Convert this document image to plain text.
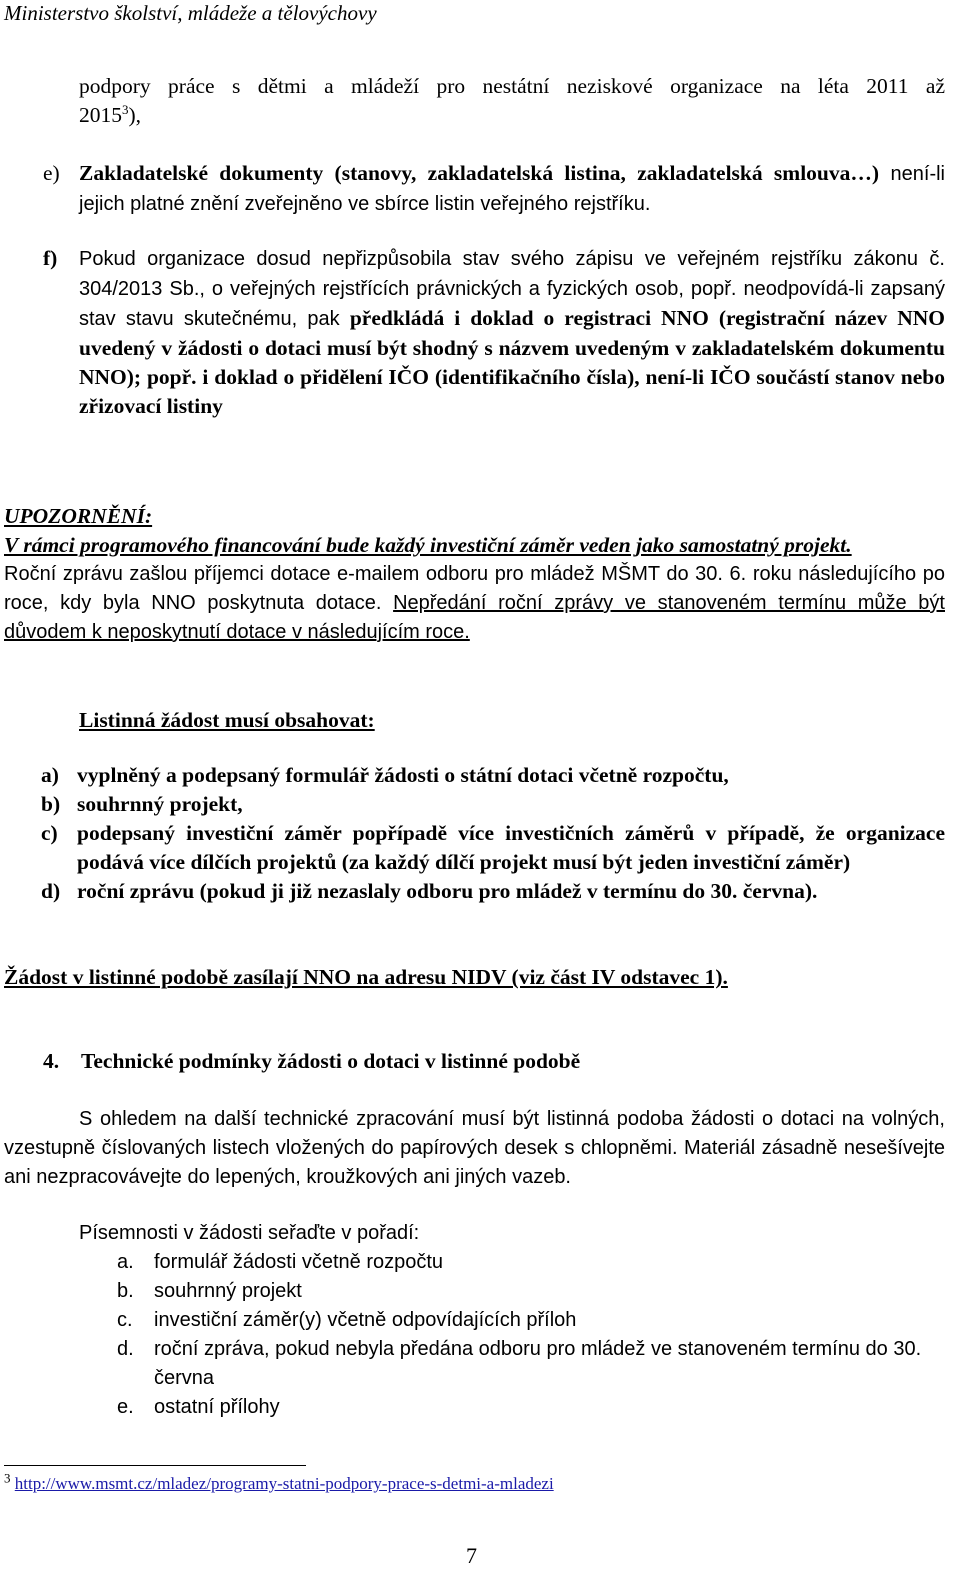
Ministerstvo školství, mládeže a tělovýchovy
podpory práce s dětmi a mládeží pro nestátní neziskové organizace na léta 2011 až
2015$^3$),
e) Zakladatelské dokumenty (stanovy, zakladatelská listina, zakladatelská smlouva…) není-li jejich platné znění zveřejněno ve sbírce listin veřejného rejstříku.
f) Pokud organizace dosud nepřizpůsobila stav svého zápisu ve veřejném rejstříku zákonu č. 304/2013 Sb., o veřejných rejstřících právnických a fyzických osob, popř. neodpovídá-li zapsaný stav stavu skutečnému, pak předkládá i doklad o registraci NNO (registrační název NNO uvedený v žádosti o dotaci musí být shodný s názvem uvedeným v zakladatelském dokumentu NNO); popř. i doklad o přidělení IČO (identifikačního čísla), není-li IČO součástí stanov nebo zřizovací listiny
UPOZORNĚNÍ:
V rámci programového financování bude každý investiční záměr veden jako samostatný projekt.
Roční zprávu zašlou příjemci dotace e-mailem odboru pro mládež MŠMT do 30. 6. roku následujícího po roce, kdy byla NNO poskytnuta dotace. Nepředání roční zprávy ve stanoveném termínu může být důvodem k neposkytnutí dotace v následujícím roce.
Listinná žádost musí obsahovat:
a) vyplněný a podepsaný formulář žádosti o státní dotaci včetně rozpočtu,
b) souhrnný projekt,
c) podepsaný investiční záměr popřípadě více investičních záměrů v případě, že organizace podává více dílčích projektů (za každý dílčí projekt musí být jeden investiční záměr)
d) roční zprávu (pokud ji již nezaslaly odboru pro mládež v termínu do 30. června).
Žádost v listinné podobě zasílají NNO na adresu NIDV (viz část IV odstavec 1).
4. Technické podmínky žádosti o dotaci v listinné podobě
S ohledem na další technické zpracování musí být listinná podoba žádosti o dotaci na volných, vzestupně číslovaných listech vložených do papírových desek s chlopněmi. Materiál zásadně nesešívejte ani nezpracovávejte do lepených, kroužkových ani jiných vazeb.
Písemnosti v žádosti seřaďte v pořadí:
a. formulář žádosti včetně rozpočtu
b. souhrnný projekt
c. investiční záměr(y) včetně odpovídajících příloh
d. roční zpráva, pokud nebyla předána odboru pro mládež ve stanoveném termínu do 30. června
e. ostatní přílohy
$^3$ http://www.msmt.cz/mladez/programy-statni-podpory-prace-s-detmi-a-mladezi
7
